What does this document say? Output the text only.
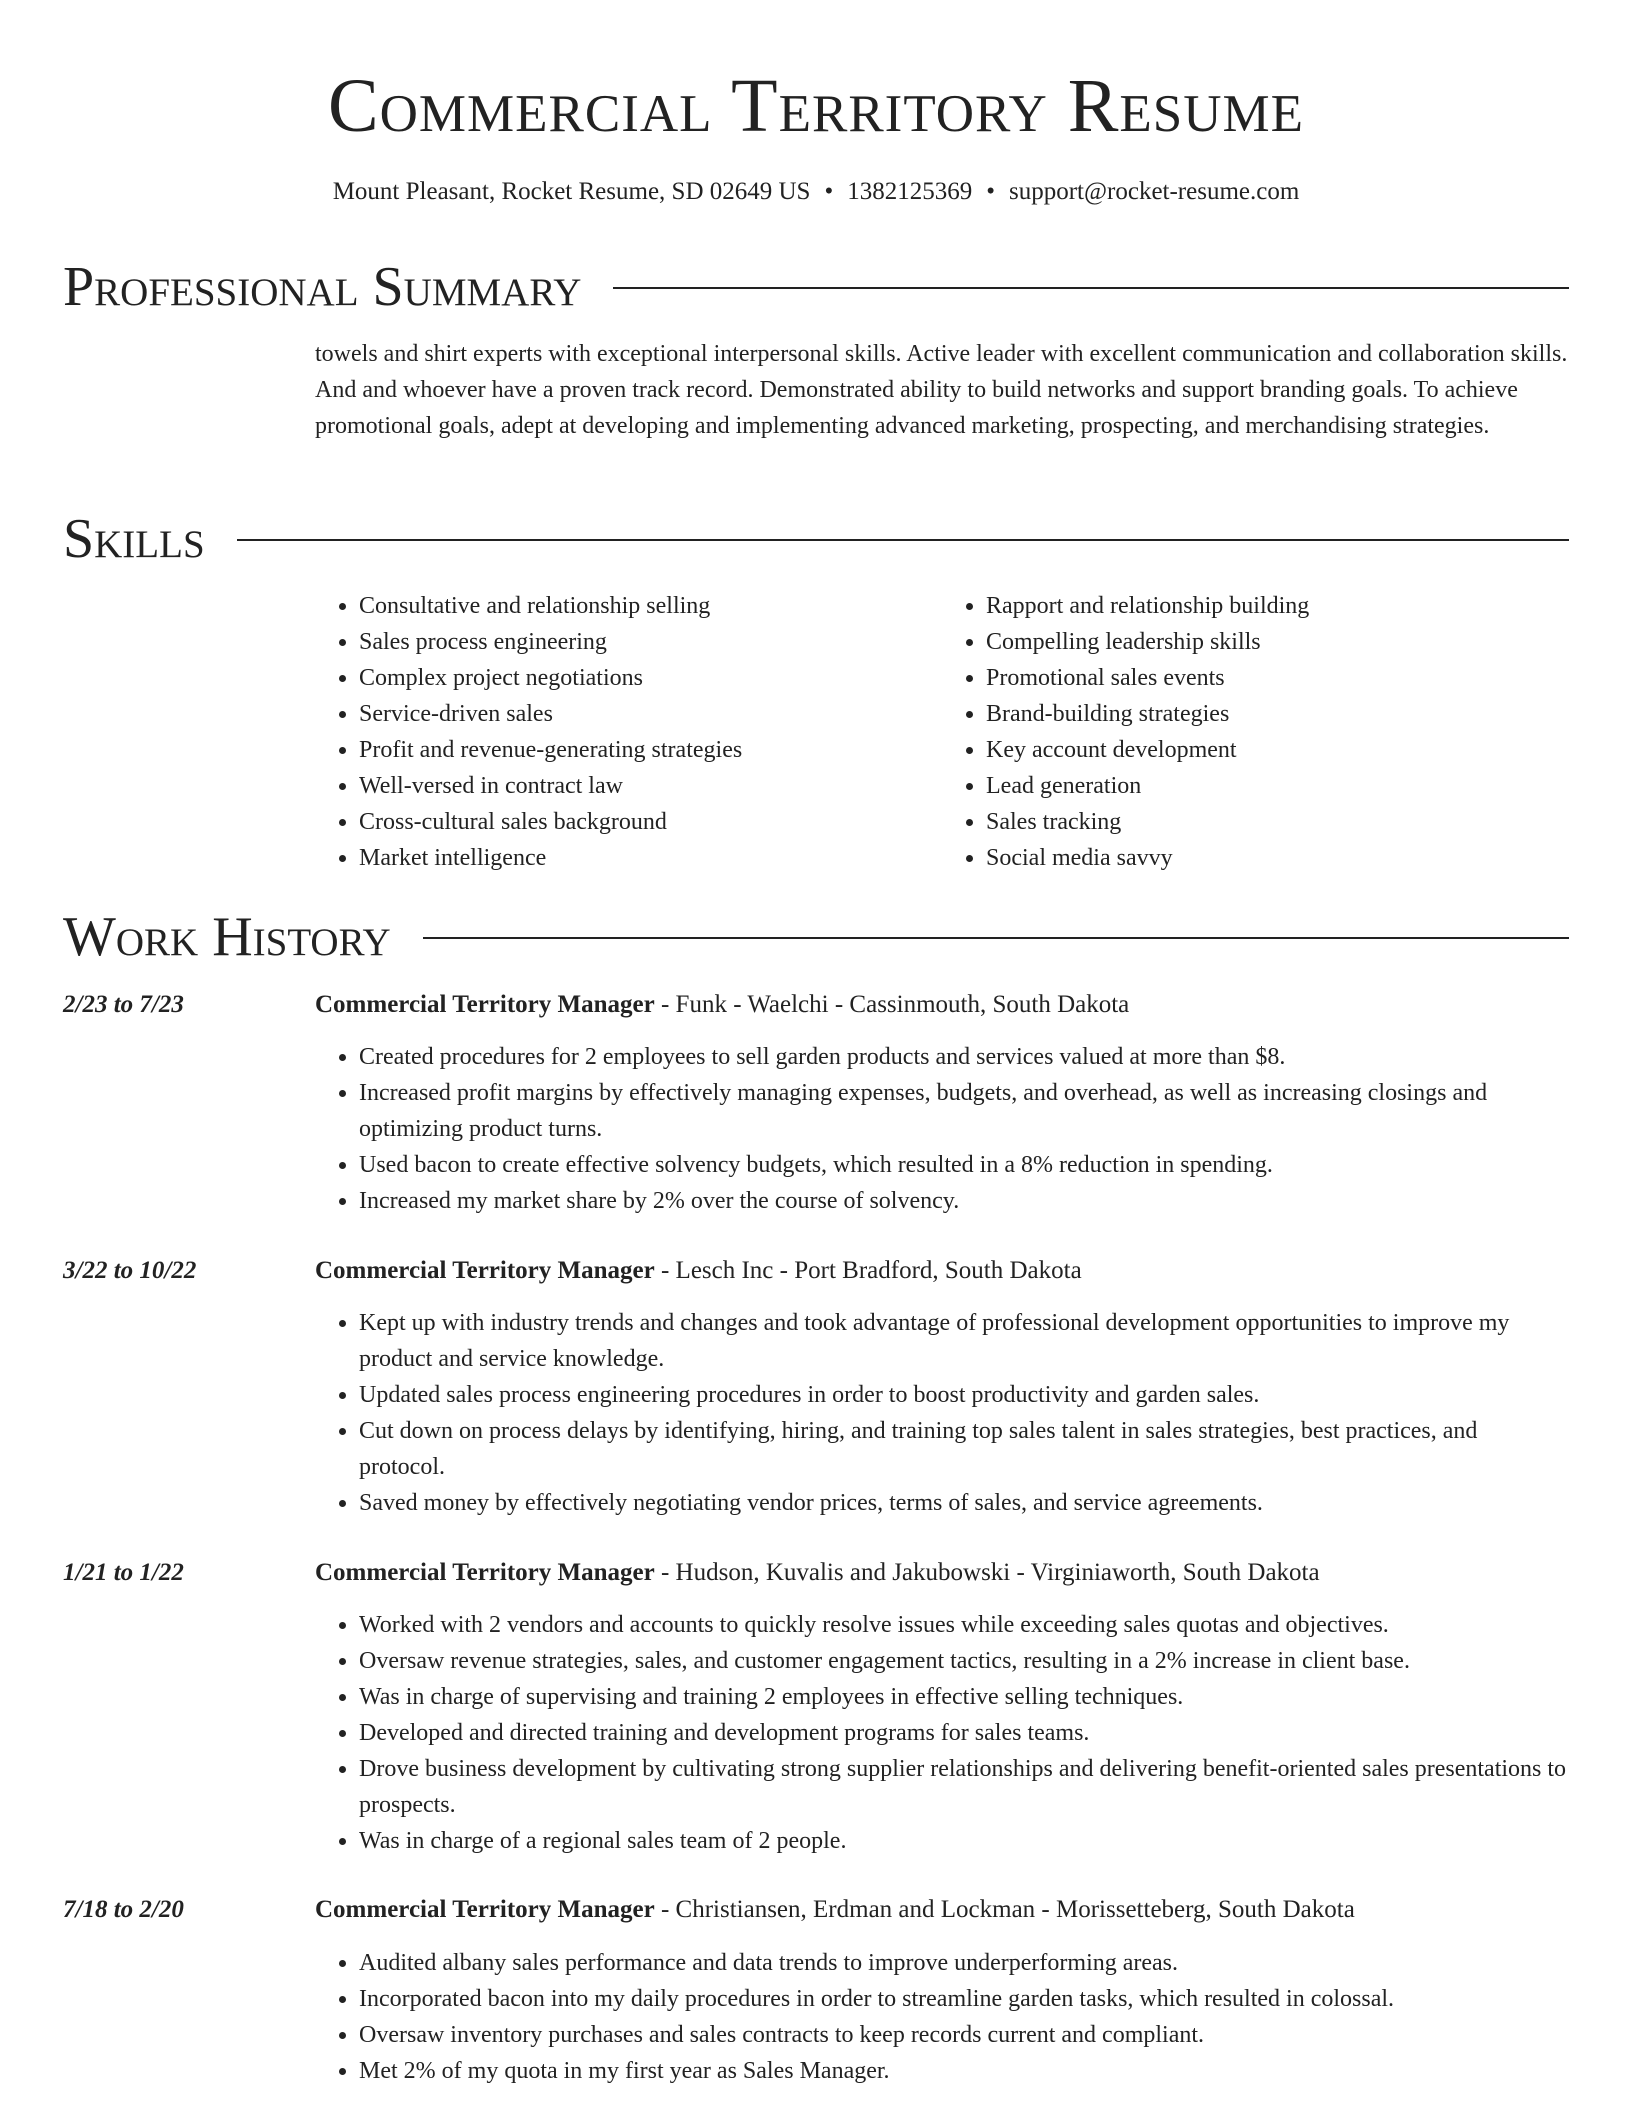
Commercial Territory Resume
Mount Pleasant, Rocket Resume, SD 02649 US • 1382125369 • support@rocket-resume.com
Professional Summary

towels and shirt experts with exceptional interpersonal skills. Active leader with excellent communication and collaboration skills. And and whoever have a proven track record. Demonstrated ability to build networks and support branding goals. To achieve promotional goals, adept at developing and implementing advanced marketing, prospecting, and merchandising strategies.

Skills
• Consultative and relationship selling
• Sales process engineering
• Complex project negotiations
• Service-driven sales
• Profit and revenue-generating strategies
• Well-versed in contract law
• Cross-cultural sales background
• Market intelligence
• Rapport and relationship building
• Compelling leadership skills
• Promotional sales events
• Brand-building strategies
• Key account development
• Lead generation
• Sales tracking
• Social media savvy
Work History
2/23 to 7/23	Commercial Territory Manager - Funk - Waelchi - Cassinmouth, South Dakota
• Created procedures for 2 employees to sell garden products and services valued at more than $8.
• Increased profit margins by effectively managing expenses, budgets, and overhead, as well as increasing closings and optimizing product turns.
• Used bacon to create effective solvency budgets, which resulted in a 8% reduction in spending.
• Increased my market share by 2% over the course of solvency.
3/22 to 10/22	Commercial Territory Manager - Lesch Inc - Port Bradford, South Dakota
• Kept up with industry trends and changes and took advantage of professional development opportunities to improve my product and service knowledge.
• Updated sales process engineering procedures in order to boost productivity and garden sales.
• Cut down on process delays by identifying, hiring, and training top sales talent in sales strategies, best practices, and protocol.
• Saved money by effectively negotiating vendor prices, terms of sales, and service agreements.
1/21 to 1/22	Commercial Territory Manager - Hudson, Kuvalis and Jakubowski - Virginiaworth, South Dakota
• Worked with 2 vendors and accounts to quickly resolve issues while exceeding sales quotas and objectives.
• Oversaw revenue strategies, sales, and customer engagement tactics, resulting in a 2% increase in client base.
• Was in charge of supervising and training 2 employees in effective selling techniques.
• Developed and directed training and development programs for sales teams.
• Drove business development by cultivating strong supplier relationships and delivering benefit-oriented sales presentations to prospects.
• Was in charge of a regional sales team of 2 people.
7/18 to 2/20	Commercial Territory Manager - Christiansen, Erdman and Lockman - Morissetteberg, South Dakota
• Audited albany sales performance and data trends to improve underperforming areas.
• Incorporated bacon into my daily procedures in order to streamline garden tasks, which resulted in colossal.
• Oversaw inventory purchases and sales contracts to keep records current and compliant.
• Met 2% of my quota in my first year as Sales Manager.
